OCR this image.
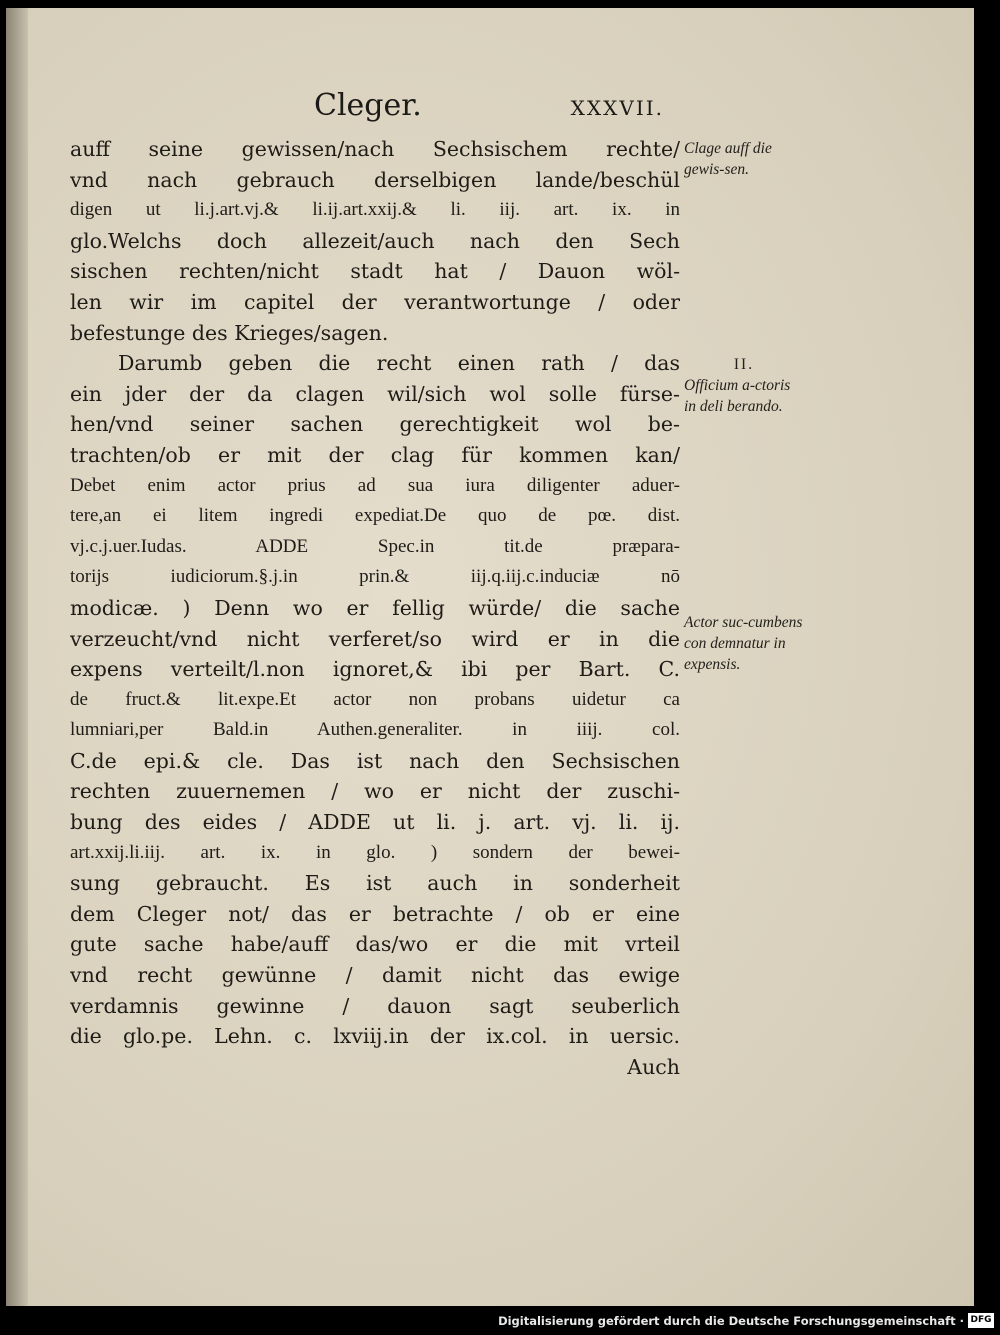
Cleger.	XXXVII.
auff seine gewissen/nach Sechsischem rechte/
vnd nach gebrauch derselbigen lande/beschül
digen ut li.j.art.vj.& li.ij.art.xxij.& li. iij. art. ix. in
glo.Welchs doch allezeit/auch nach den Sech
sischen rechten/nicht stadt hat / Dauon wöl-
len wir im capitel der verantwortunge / oder
befestunge des Krieges/sagen.
Darumb geben die recht einen rath / das
ein jder der da clagen wil/sich wol solle fürse-
hen/vnd seiner sachen gerechtigkeit wol be-
trachten/ob er mit der clag für kommen kan/
Debet enim actor prius ad sua iura diligenter aduer-
tere,an ei litem ingredi expediat.De quo de pœ. dist.
vj.c.j.uer.Iudas. ADDE Spec.in tit.de præpara-
torijs iudiciorum.§.j.in prin.& iij.q.iij.c.induciæ nō
modicæ. ) Denn wo er fellig würde/ die sache
verzeucht/vnd nicht verferet/so wird er in die
expens verteilt/l.non ignoret,& ibi per Bart. C.
de fruct.& lit.expe.Et actor non probans uidetur ca
lumniari,per Bald.in Authen.generaliter. in iiij. col.
C.de epi.& cle. Das ist nach den Sechsischen
rechten zuuernemen / wo er nicht der zuschi-
bung des eides / ADDE ut li. j. art. vj. li. ij.
art.xxij.li.iij. art. ix. in glo. ) sondern der bewei-
sung gebraucht. Es ist auch in sonderheit
dem Cleger not/ das er betrachte / ob er eine
gute sache habe/auff das/wo er die mit vrteil
vnd recht gewünne / damit nicht das ewige
verdamnis gewinne / dauon sagt seuberlich
die glo.pe. Lehn. c. lxviij.in der ix.col. in uersic.
Auch
Clage auff die gewis-sen.
II.
Officium a-ctoris in deli berando.
Actor suc-cumbens con demnatur in expensis.
Digitalisierung gefördert durch die Deutsche Forschungsgemeinschaft · DFG
